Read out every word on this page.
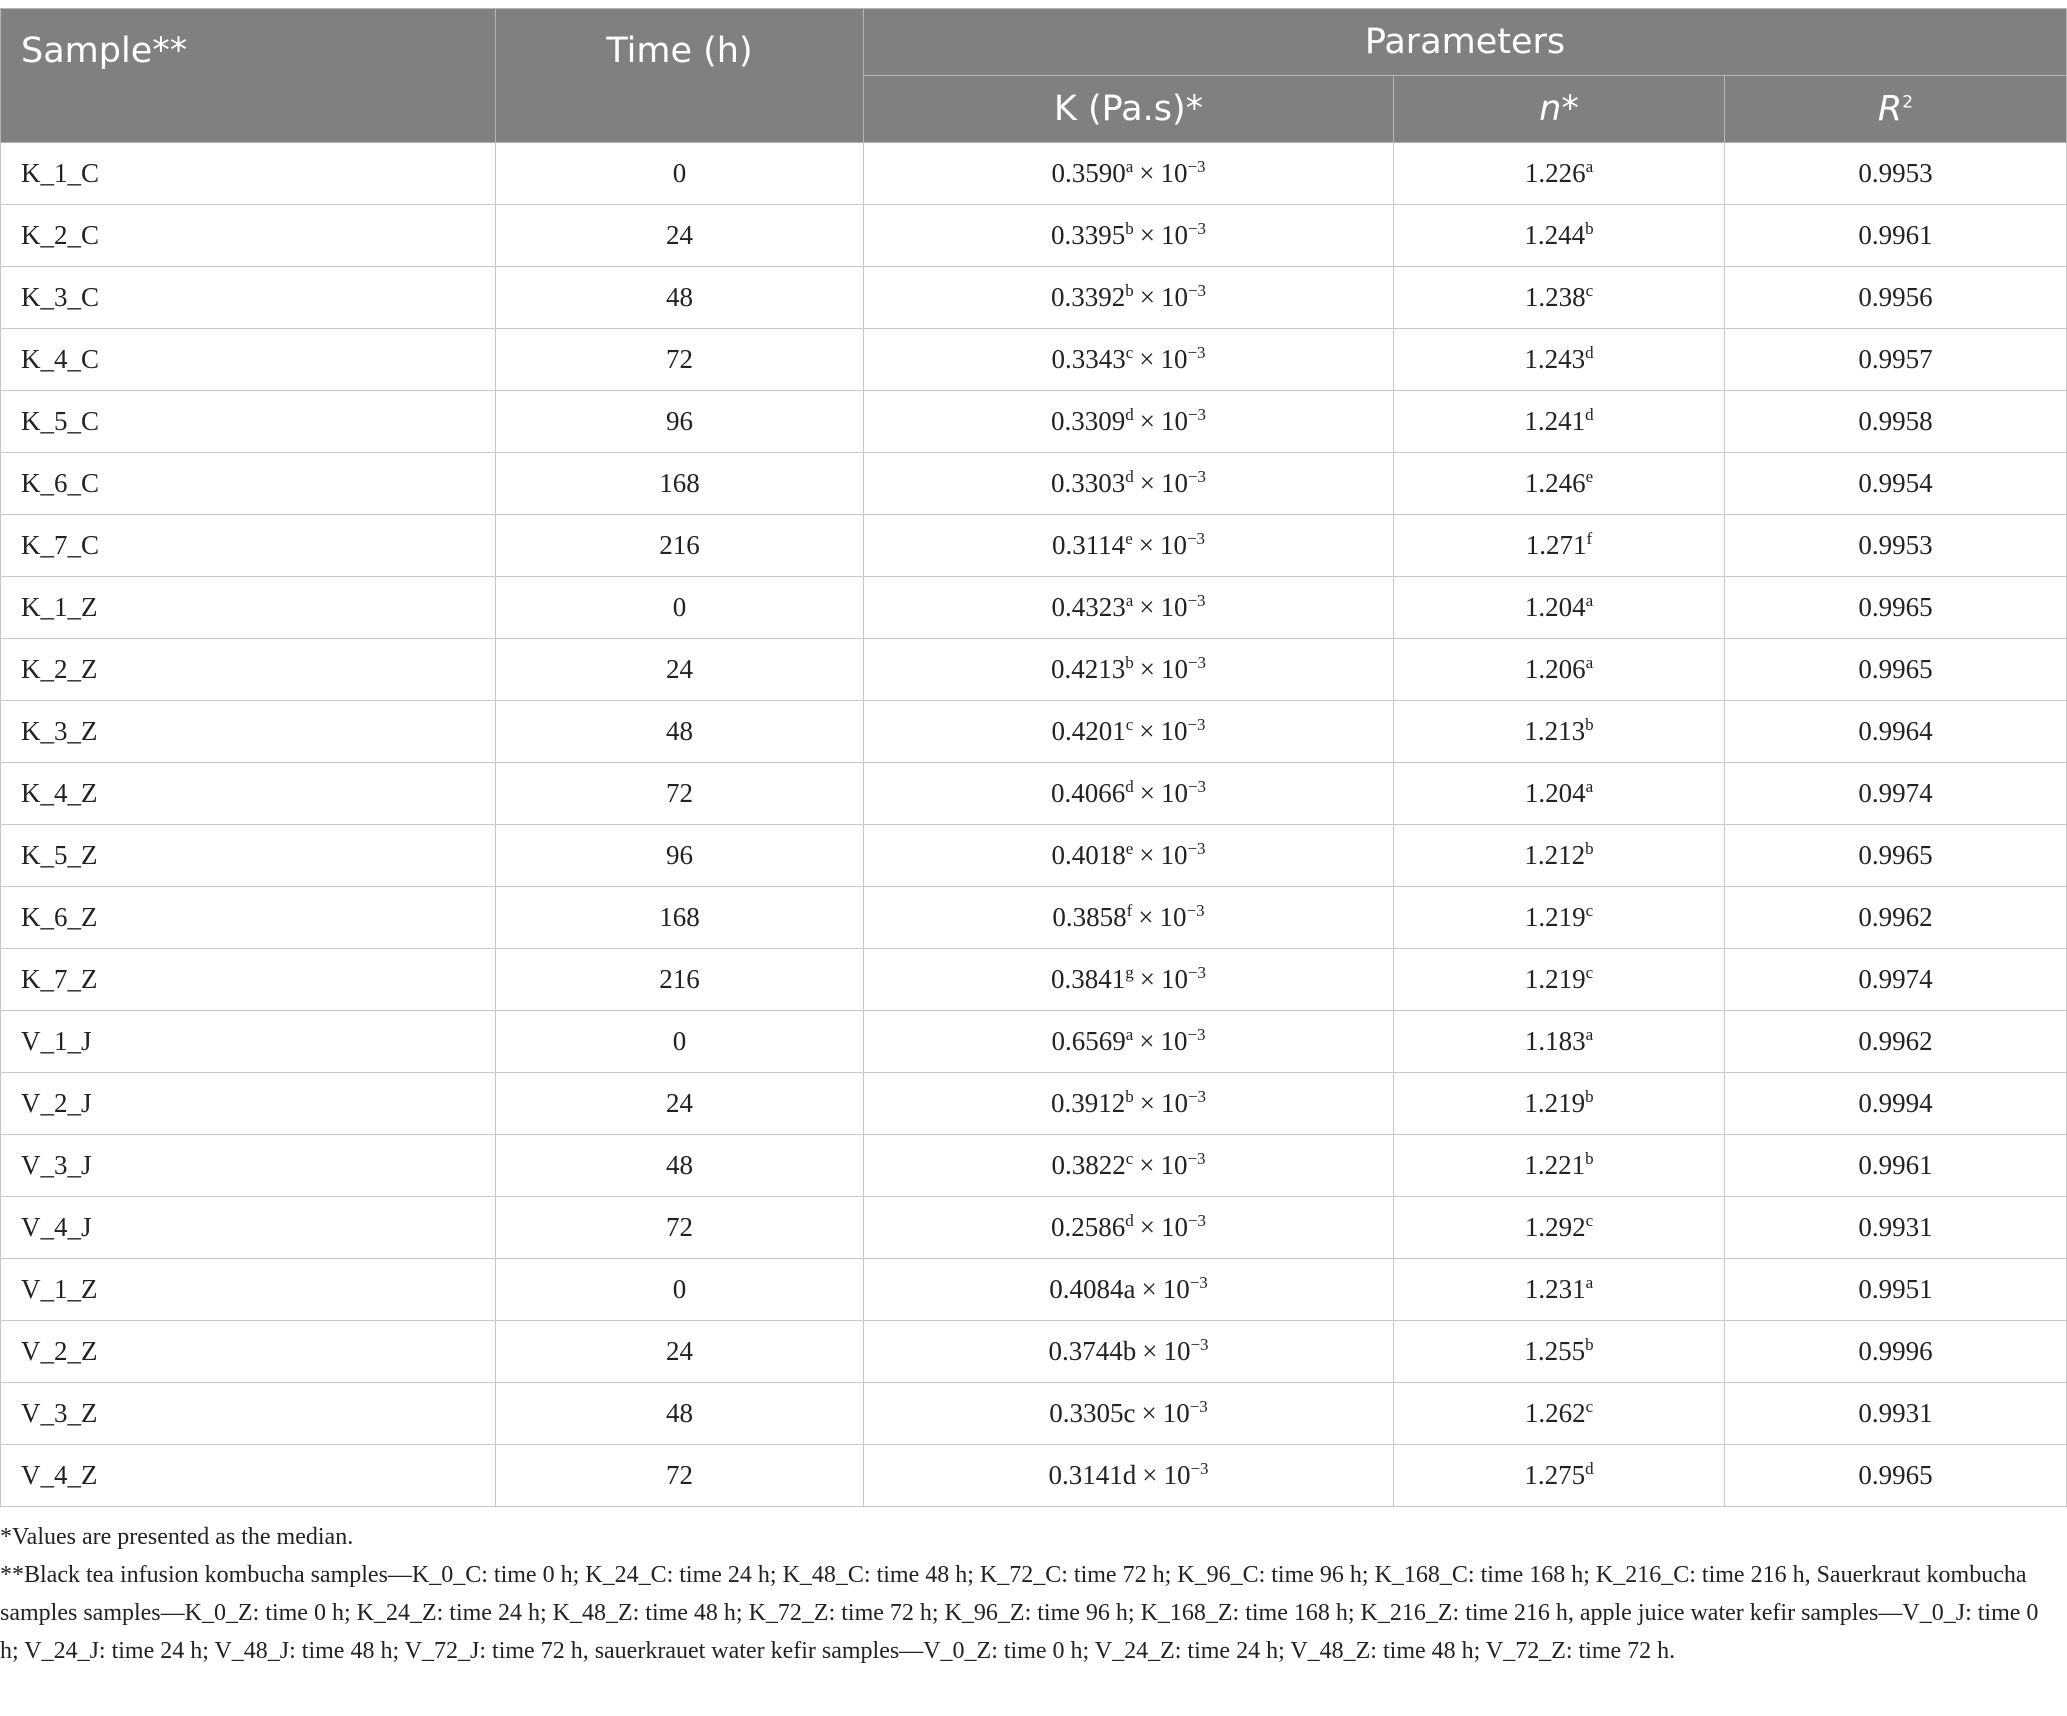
Sample**	Time (h)	Parameters		
		K (Pa.s)*	n*	$R^2$
K_1_C	0	$0.3590^a \times 10^{-3}$	1.226$^a$	0.9953
K_2_C	24	$0.3395^b \times 10^{-3}$	1.244$^b$	0.9961
K_3_C	48	$0.3392^b \times 10^{-3}$	1.238$^c$	0.9956
K_4_C	72	$0.3343^c \times 10^{-3}$	1.243$^d$	0.9957
K_5_C	96	$0.3309^d \times 10^{-3}$	1.241$^d$	0.9958
K_6_C	168	$0.3303^d \times 10^{-3}$	1.246e	0.9954
K_7_C	216	$0.3114^e \times 10^{-3}$	1.271$^f$	0.9953
K_1_Z	0	$0.4323^a \times 10^{-3}$	1.204$^a$	0.9965
K_2_Z	24	$0.4213^b \times 10^{-3}$	1.206$^a$	0.9965
K_3_Z	48	$0.4201^c \times 10^{-3}$	1.213$^b$	0.9964
K_4_Z	72	$0.4066^d \times 10^{-3}$	1.204$^a$	0.9974
K_5_Z	96	$0.4018^e \times 10^{-3}$	1.212$^b$	0.9965
K_6_Z	168	$0.3858^f \times 10^{-3}$	1.219$^c$	0.9962
K_7_Z	216	$0.3841^g \times 10^{-3}$	1.219$^c$	0.9974
V_1_J	0	$0.6569^a \times 10^{-3}$	1.183$^a$	0.9962
V_2_J	24	$0.3912^b \times 10^{-3}$	1.219$^b$	0.9994
V_3_J	48	$0.3822^c \times 10^{-3}$	1.221$^b$	0.9961
V_4_J	72	$0.2586^d \times 10^{-3}$	1.292$^c$	0.9931
V_1_Z	0	$0.4084a \times 10^{-3}$	1.231$^a$	0.9951
V_2_Z	24	$0.3744b \times 10^{-3}$	1.255$^b$	0.9996
V_3_Z	48	$0.3305c \times 10^{-3}$	1.262$^c$	0.9931
V_4_Z	72	$0.3141d \times 10^{-3}$	1.275$^d$	0.9965

*Values are presented as the median.

**Black tea infusion kombucha samples—K_0_C: time 0 h; K_24_C: time 24 h; K_48_C: time 48 h; K_72_C: time 72 h; K_96_C: time 96 h; K_168_C: time 168 h; K_216_C: time 216 h, Sauerkraut kombucha samples samples—K_0_Z: time 0 h; K_24_Z: time 24 h; K_48_Z: time 48 h; K_72_Z: time 72 h; K_96_Z: time 96 h; K_168_Z: time 168 h; K_216_Z: time 216 h, apple juice water kefir samples—V_0_J: time 0 h; V_24_J: time 24 h; V_48_J: time 48 h; V_72_J: time 72 h, sauerkrauet water kefir samples—V_0_Z: time 0 h; V_24_Z: time 24 h; V_48_Z: time 48 h; V_72_Z: time 72 h.
